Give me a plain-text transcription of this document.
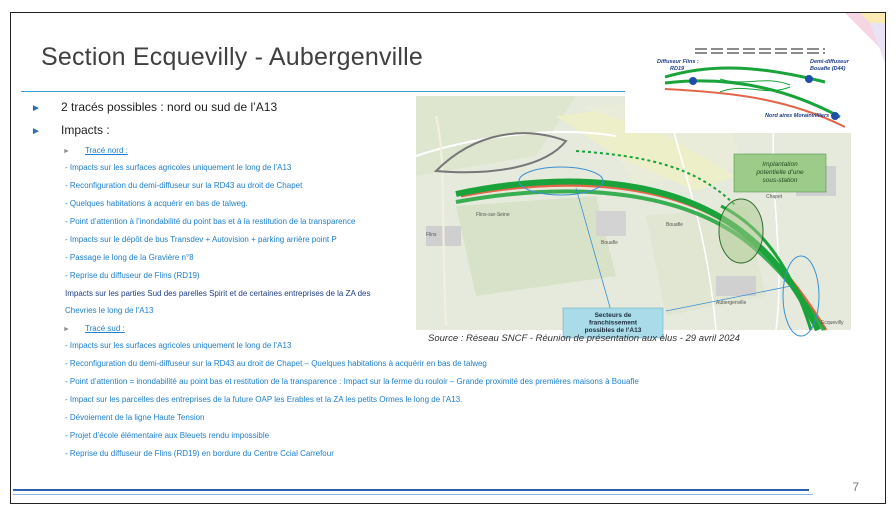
Section Ecquevilly - Aubergenville
► 2 tracés possibles : nord ou sud de l’A13
► Impacts :
► Tracé nord :
- Impacts sur les surfaces agricoles uniquement le long de l’A13
- Reconfiguration du demi-diffuseur sur la RD43 au droit de Chapet
- Quelques habitations à acquérir en bas de talweg.
- Point d’attention à l’inondabilité du point bas et à la restitution de la transparence
- Impacts sur le dépôt de bus Transdev + Autovision + parking arrière point P
- Passage le long de la Gravière n°8
- Reprise du diffuseur de Flins (RD19)
Impacts sur les parties Sud des parelles Spirit et de certaines entreprises de la ZA des
Chevries le long de l’A13
► Tracé sud :
- Impacts sur les surfaces agricoles uniquement le long de l’A13
- Reconfiguration du demi-diffuseur sur la RD43 au droit de Chapet – Quelques habitations à acquérir en bas de talweg
- Point d’attention = inondabilité au point bas et restitution de la transparence : Impact sur la ferme du rouloir – Grande proximité des premières maisons à Bouafle
- Impact sur les parcelles des entreprises de la future OAP les Erables et la ZA les petits Ormes le long de l’A13.
- Dévoiement de la ligne Haute Tension
- Projet d’école élémentaire aux Bleuets rendu impossible
- Reprise du diffuseur de Flins (RD19) en bordure du Centre Ccial Carrefour
Implantation potentielle d’une sous-station
Secteurs de franchissement possibles de l’A13
Flins-sur-Seine
Bouafle
Chapet
Aubergenville
Flins
Bouafle
Ecquevilly
Diffuseur Flins : RD19
Demi-diffuseur Bouafle (D44)
Nord aires Morainvilliers
Source : Réseau SNCF - Réunion de présentation aux élus - 29 avril 2024
7
